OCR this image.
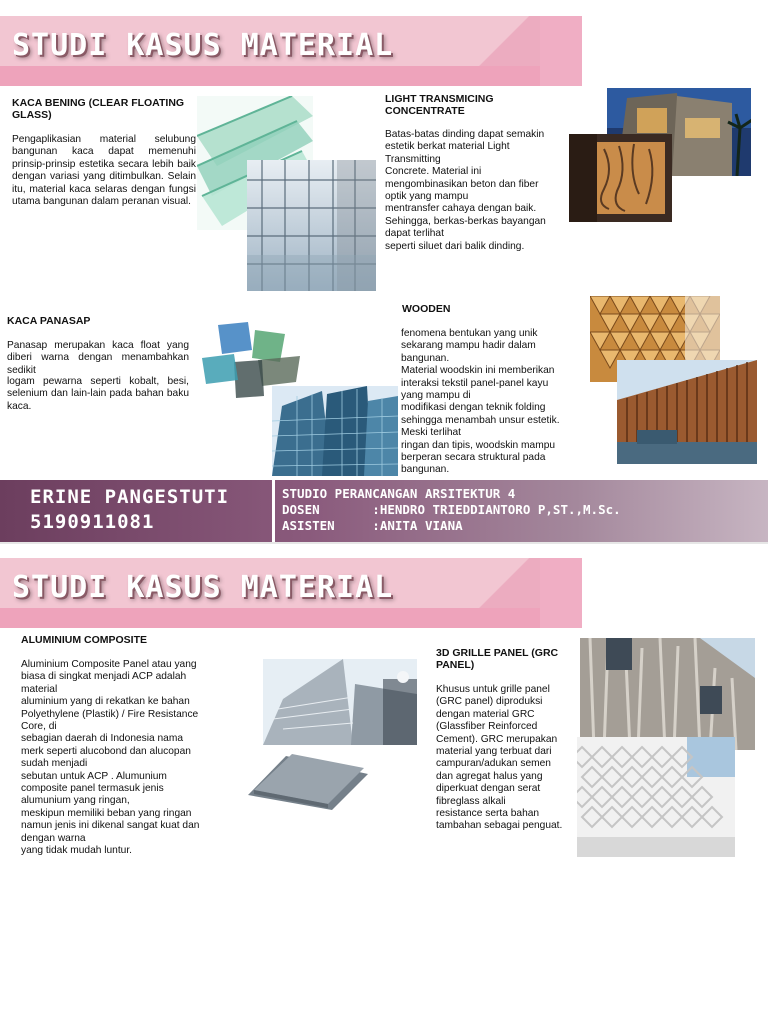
STUDI KASUS MATERIAL
KACA BENING (CLEAR FLOATING GLASS)
Pengaplikasian material selubung bangunan kaca dapat memenuhi prinsip-prinsip estetika secara lebih baik dengan variasi yang ditimbulkan. Selain itu, material kaca selaras dengan fungsi utama bangunan dalam peranan visual.
LIGHT TRANSMICING
CONCENTRATE
Batas-batas dinding dapat semakin
estetik berkat material Light
Transmitting
Concrete. Material ini
mengombinasikan beton dan fiber
optik yang mampu
mentransfer cahaya dengan baik.
Sehingga, berkas-berkas bayangan
dapat terlihat
seperti siluet dari balik dinding.
KACA PANASAP
Panasap merupakan kaca float yang diberi warna dengan menambahkan sedikit
logam pewarna seperti kobalt, besi, selenium dan lain-lain pada bahan baku kaca.
WOODEN
fenomena bentukan yang unik
sekarang mampu hadir dalam
bangunan.
Material woodskin ini memberikan
interaksi tekstil panel-panel kayu
yang mampu di
modifikasi dengan teknik folding
sehingga menambah unsur estetik.
Meski terlihat
ringan dan tipis, woodskin mampu
berperan secara struktural pada
bangunan.
ERINE PANGESTUTI
5190911081
STUDIO PERANCANGAN ARSITEKTUR 4
DOSEN       :HENDRO TRIEDDIANTORO P,ST.,M.Sc.
ASISTEN     :ANITA VIANA
STUDI KASUS MATERIAL
ALUMINIUM COMPOSITE
Aluminium Composite Panel atau yang
biasa di singkat menjadi ACP adalah
material
aluminium yang di rekatkan ke bahan
Polyethylene (Plastik) / Fire Resistance
Core, di
sebagian daerah di Indonesia nama
merk seperti alucobond dan alucopan
sudah menjadi
sebutan untuk ACP . Alumunium
composite panel termasuk jenis
alumunium yang ringan,
meskipun memiliki beban yang ringan
namun jenis ini dikenal sangat kuat dan
dengan warna
yang tidak mudah luntur.
3D GRILLE PANEL (GRC
PANEL)
Khusus untuk grille panel
(GRC panel) diproduksi
dengan material GRC
(Glassfiber Reinforced
Cement). GRC merupakan
material yang terbuat dari
campuran/adukan semen
dan agregat halus yang
diperkuat dengan serat
fibreglass alkali
resistance serta bahan
tambahan sebagai penguat.
